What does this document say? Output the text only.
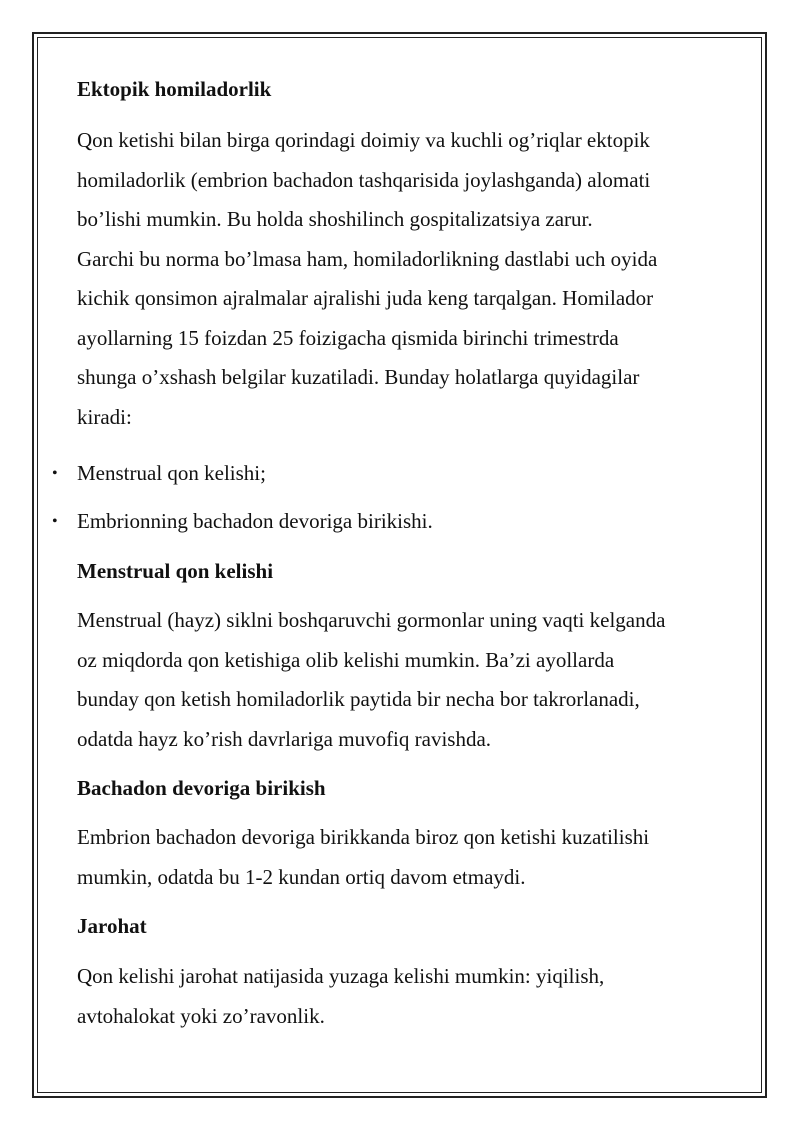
Ektopik homiladorlik
Qon ketishi bilan birga qorindagi doimiy va kuchli og’riqlar ektopik
homiladorlik (embrion bachadon tashqarisida joylashganda) alomati
bo’lishi mumkin. Bu holda shoshilinch gospitalizatsiya zarur.
Garchi bu norma bo’lmasa ham, homiladorlikning dastlabi uch oyida
kichik qonsimon ajralmalar ajralishi juda keng tarqalgan. Homilador
ayollarning 15 foizdan 25 foizigacha qismida birinchi trimestrda
shunga o’xshash belgilar kuzatiladi. Bunday holatlarga quyidagilar
kiradi:
• Menstrual qon kelishi;
• Embrionning bachadon devoriga birikishi.
Menstrual qon kelishi
Menstrual (hayz) siklni boshqaruvchi gormonlar uning vaqti kelganda
oz miqdorda qon ketishiga olib kelishi mumkin. Ba’zi ayollarda
bunday qon ketish homiladorlik paytida bir necha bor takrorlanadi,
odatda hayz ko’rish davrlariga muvofiq ravishda.
Bachadon devoriga birikish
Embrion bachadon devoriga birikkanda biroz qon ketishi kuzatilishi
mumkin, odatda bu 1-2 kundan ortiq davom etmaydi.
Jarohat
Qon kelishi jarohat natijasida yuzaga kelishi mumkin: yiqilish,
avtohalokat yoki zo’ravonlik.
